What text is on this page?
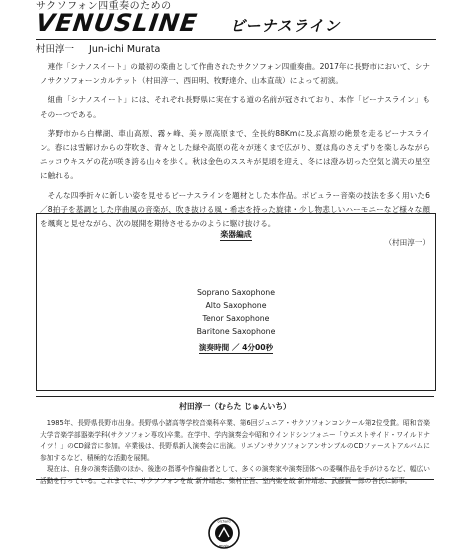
サクソフォン四重奏のための
VENUSLINE ビーナスライン
村田淳一 Jun-ichi Murata

連作「シナノスイート」の最初の楽曲として作曲されたサクソフォン四重奏曲。2017年に長野市において、シナノサクソフォーンカルテット（村田淳一、西田明、牧野達介、山本直哉）によって初演。

組曲「シナノスイート」には、それぞれ長野県に実在する道の名前が冠されており、本作「ビーナスライン」もそのーつである。

茅野市から白樺湖、車山高原、霧ヶ峰、美ヶ原高原まで、全長約88Kmに及ぶ高原の絶景を走るビーナスライン。春には雪解けからの芽吹き、青々とした緑や高原の花々が迷くまで広がり、夏は鳥のさえずりを楽しみながらニッコウキスゲの花が咲き誇る山々を歩く。秋は金色のススキが見頃を迎え、冬には澄み切った空気と満天の星空に触れる。

そんな四季折々に新しい姿を見せるビーナスラインを題材とした本作品。ポピュラー音楽の技法を多く用いた6／8拍子を基調とした序曲風の音楽が、吹き抜ける風・希志を持った旋律・少し物悲しいハーモニーなど様々な顔を颯爽と見せながら、次の展開を期待させるかのように駆け抜ける。

（村田淳一）

楽器編成
Soprano Saxophone
Alto Saxophone
Tenor Saxophone
Baritone Saxophone
演奏時間 ／ 4分00秒
村田淳一（むらた じゅんいち）

1985年、長野県長野市出身。長野県小諸高等学校音楽科卒業、第6回ジュニア・サクソフォンコンクール第2位受賞。昭和音楽大学音楽学部器楽学科(サクソフォン専攻)卒業。在学中、学内演奏会や昭和ウインドシンフォニー「ウエストサイド・ワイルドナイツ！」のCD録音に参加。卒業後は、長野県新人演奏会に出演。リエゾンサクソフォンアンサンブルのCDファーストアルバムに参加するなど、積極的な活動を展開。

現在は、自身の演奏活動のほか、後進の指導や作編曲者として、多くの演奏家や演奏団体への委嘱作品を手がけるなど、幅広い活動を行っている。これまでに、サクソフォンを故 新井靖志、柴村正吾、室内楽を故 新井靖志、武藤賢一郎の各氏に師事。

orchard
music
